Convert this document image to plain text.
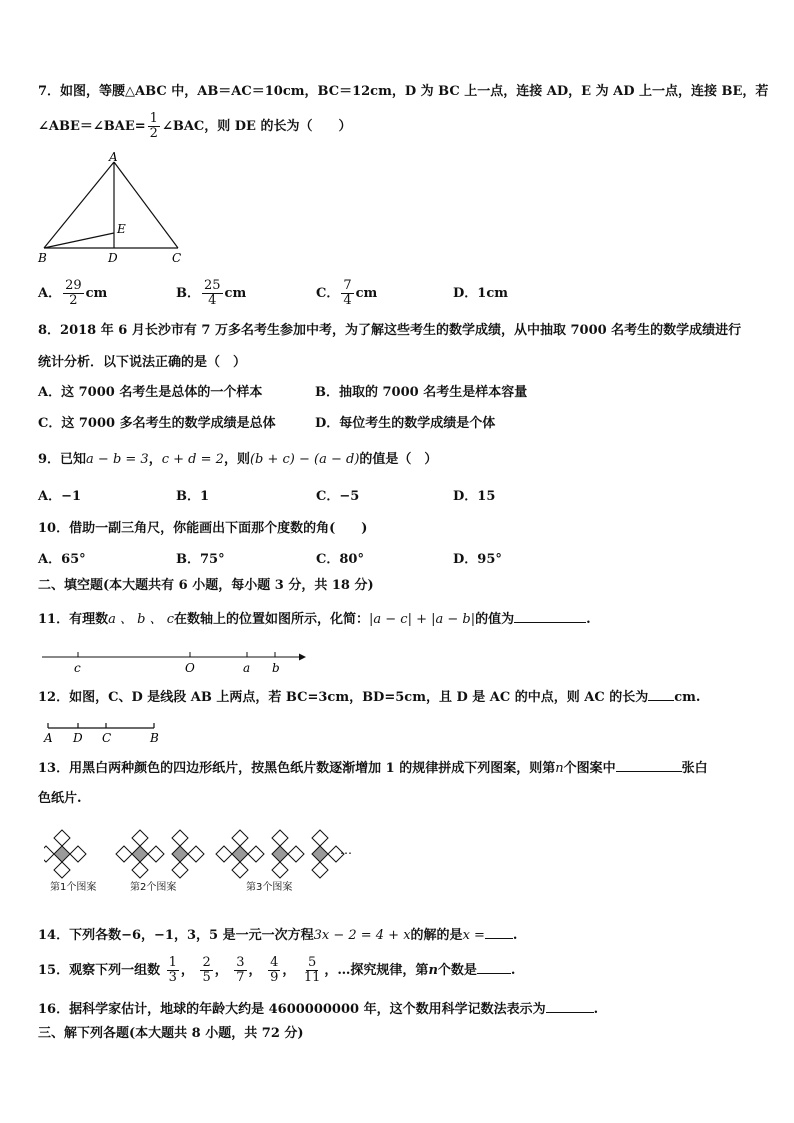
7．如图，等腰△ABC 中，AB＝AC＝10cm，BC＝12cm，D 为 BC 上一点，连接 AD，E 为 AD 上一点，连接 BE，若
∠ABE＝∠BAE= $\frac{1}{2}$ ∠BAC，则 DE 的长为（　　）
A
B	C
D
E
A． $\frac{29}{2}$ cm	B． $\frac{25}{4}$ cm	C． $\frac{7}{4}$ cm	D．1cm
8．2018 年 6 月长沙市有 7 万多名考生参加中考，为了解这些考生的数学成绩，从中抽取 7000 名考生的数学成绩进行
统计分析．以下说法正确的是（　）
A．这 7000 名考生是总体的一个样本	B．抽取的 7000 名考生是样本容量
C．这 7000 多名考生的数学成绩是总体	D．每位考生的数学成绩是个体
9．已知a − b = 3，c + d = 2，则(b + c) − (a − d)的值是（　）
A．−1	B．1	C．−5	D．15
10．借助一副三角尺，你能画出下面那个度数的角(　　)
A．65°	B．75°	C．80°	D．95°
二、填空题(本大题共有 6 小题，每小题 3 分，共 18 分)
11．有理数a 、 b 、 c在数轴上的位置如图所示，化简：|a − c| + |a − b|的值为	.
c	O	a b
12．如图，C、D 是线段 AB 上两点，若 BC=3cm，BD=5cm，且 D 是 AC 的中点，则 AC 的长为 cm.
A D C	B
13．用黑白两种颜色的四边形纸片，按黑色纸片数逐渐增加 1 的规律拼成下列图案，则第n个图案中	张白
色纸片.
…
第1个图案	第2个图案	第3个图案
14．下列各数−6，−1，3，5 是一元一次方程3x − 2 = 4 + x的解的是x = .
15．观察下列一组数 $\frac{1}{3}$ ， $\frac{2}{5}$ ， $\frac{3}{7}$ ， $\frac{4}{9}$ ， $\frac{5}{11}$ ，…探究规律，第n个数是	.
16．据科学家估计，地球的年龄大约是 4600000000 年，这个数用科学记数法表示为	.
三、解下列各题(本大题共 8 小题，共 72 分)
